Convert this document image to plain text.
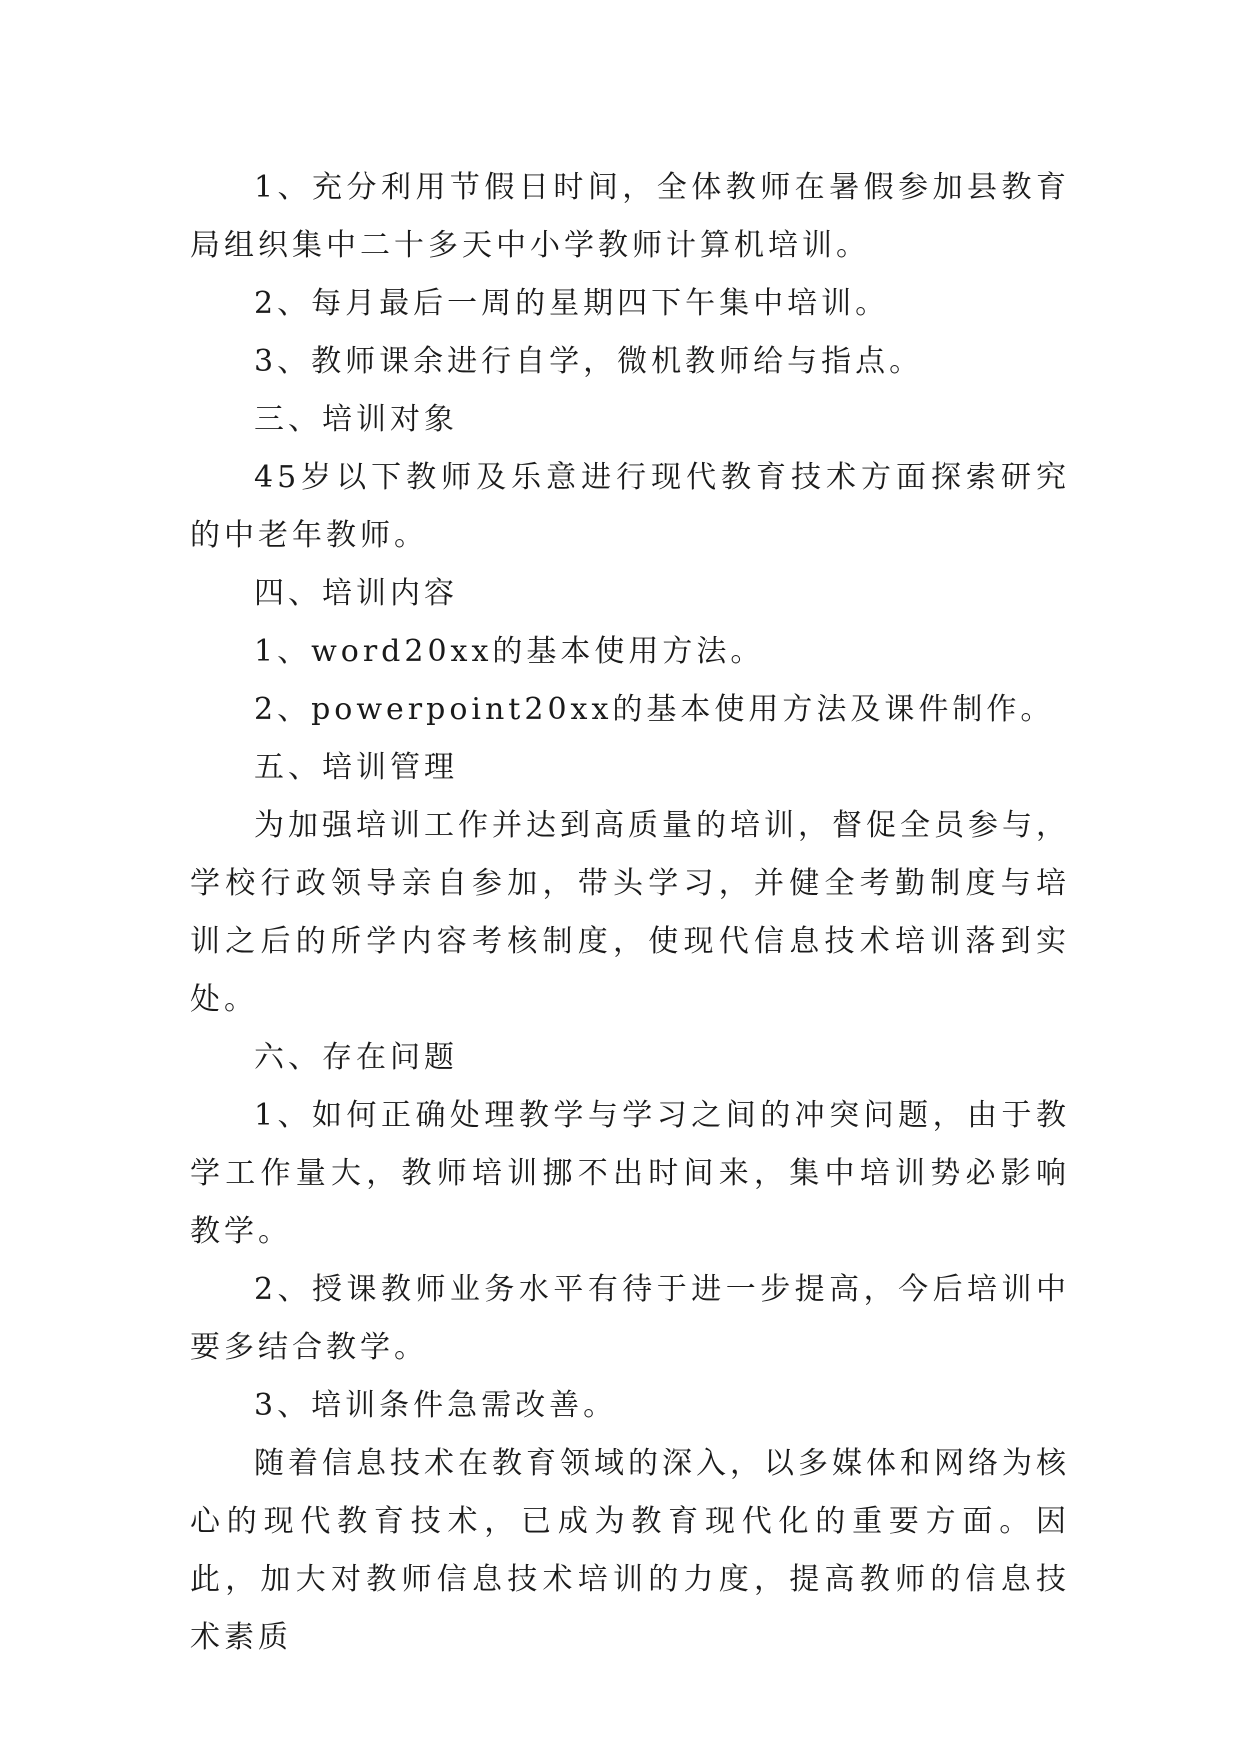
1、充分利用节假日时间，全体教师在暑假参加县教育局组织集中二十多天中小学教师计算机培训。

2、每月最后一周的星期四下午集中培训。

3、教师课余进行自学，微机教师给与指点。

三、培训对象

45岁以下教师及乐意进行现代教育技术方面探索研究的中老年教师。

四、培训内容

1、word20xx的基本使用方法。

2、powerpoint20xx的基本使用方法及课件制作。

五、培训管理

为加强培训工作并达到高质量的培训，督促全员参与，学校行政领导亲自参加，带头学习，并健全考勤制度与培训之后的所学内容考核制度，使现代信息技术培训落到实处。

六、存在问题

1、如何正确处理教学与学习之间的冲突问题，由于教学工作量大，教师培训挪不出时间来，集中培训势必影响教学。

2、授课教师业务水平有待于进一步提高，今后培训中要多结合教学。

3、培训条件急需改善。

随着信息技术在教育领域的深入，以多媒体和网络为核心的现代教育技术，已成为教育现代化的重要方面。因此，加大对教师信息技术培训的力度，提高教师的信息技术素质
